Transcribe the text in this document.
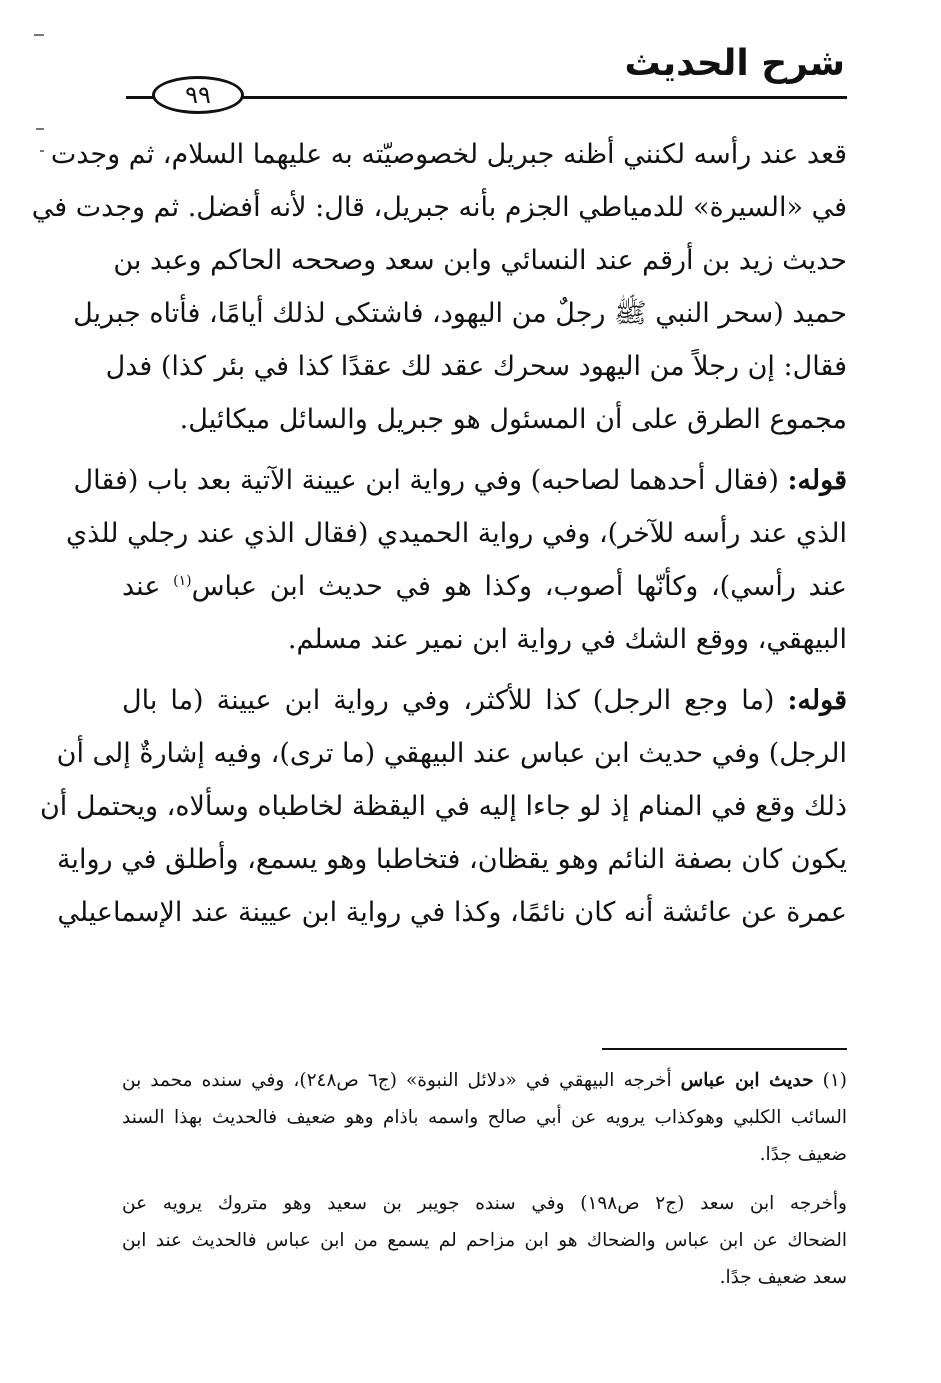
شرح الحديث
٩٩
قعد عند رأسه لكنني أظنه جبريل لخصوصيّته به عليهما السلام، ثم وجدت
في «السيرة» للدمياطي الجزم بأنه جبريل، قال: لأنه أفضل. ثم وجدت في
حديث زيد بن أرقم عند النسائي وابن سعد وصححه الحاكم وعبد بن
حميد (سحر النبي ﷺ رجلٌ من اليهود، فاشتكى لذلك أيامًا، فأتاه جبريل
فقال: إن رجلاً من اليهود سحرك عقد لك عقدًا كذا في بئر كذا) فدل
مجموع الطرق على أن المسئول هو جبريل والسائل ميكائيل.
قوله: (فقال أحدهما لصاحبه) وفي رواية ابن عيينة الآتية بعد باب (فقال
الذي عند رأسه للآخر)، وفي رواية الحميدي (فقال الذي عند رجلي للذي
عند رأسي)، وكأنّها أصوب، وكذا هو في حديث ابن عباس$^{(١)}$ عند
البيهقي، ووقع الشك في رواية ابن نمير عند مسلم.
قوله: (ما وجع الرجل) كذا للأكثر، وفي رواية ابن عيينة (ما بال
الرجل) وفي حديث ابن عباس عند البيهقي (ما ترى)، وفيه إشارةٌ إلى أن
ذلك وقع في المنام إذ لو جاءا إليه في اليقظة لخاطباه وسألاه، ويحتمل أن
يكون كان بصفة النائم وهو يقظان، فتخاطبا وهو يسمع، وأطلق في رواية
عمرة عن عائشة أنه كان نائمًا، وكذا في رواية ابن عيينة عند الإسماعيلي
(١) حديث ابن عباس أخرجه البيهقي في «دلائل النبوة» (ج٦ ص٢٤٨)، وفي سنده محمد بن
السائب الكلبي وهوكذاب يرويه عن أبي صالح واسمه باذام وهو ضعيف فالحديث بهذا السند
ضعيف جدًا.
وأخرجه ابن سعد (ج٢ ص١٩٨) وفي سنده جويبر بن سعيد وهو متروك يرويه عن
الضحاك عن ابن عباس والضحاك هو ابن مزاحم لم يسمع من ابن عباس فالحديث عند ابن
سعد ضعيف جدًا.
